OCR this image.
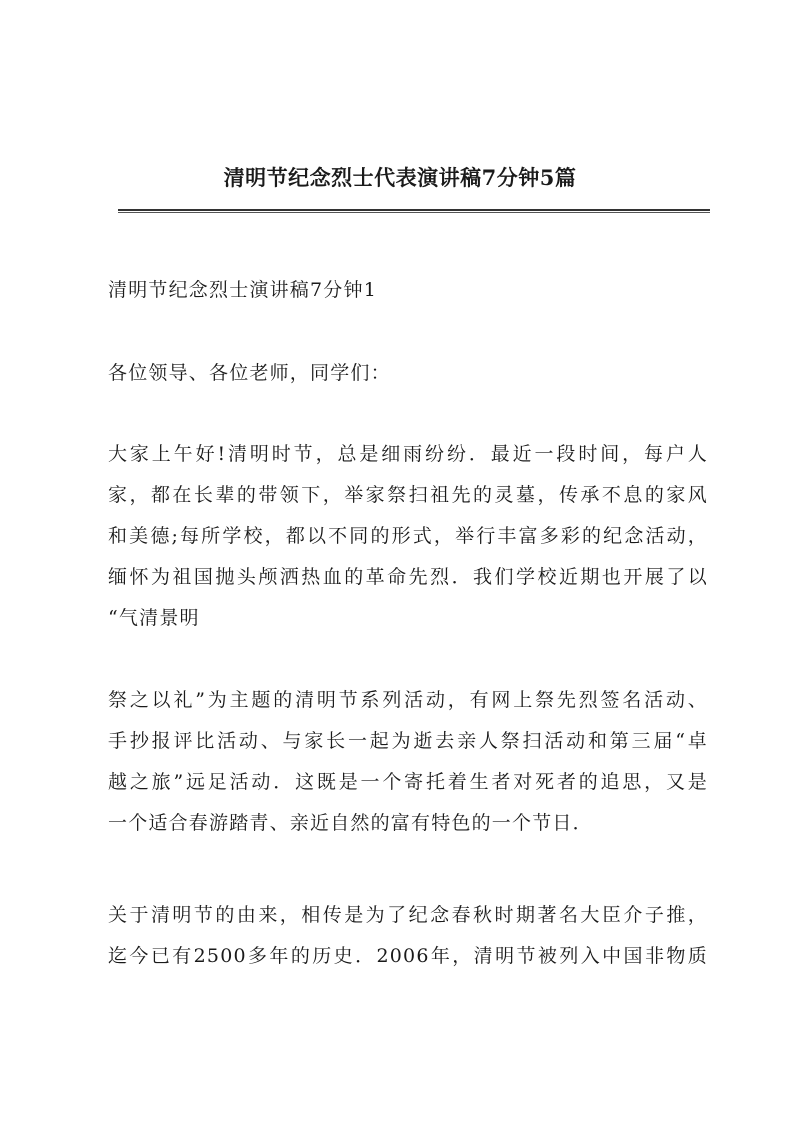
清明节纪念烈士代表演讲稿7分钟5篇

清明节纪念烈士演讲稿7分钟1

各位领导、各位老师，同学们：

大家上午好!清明时节，总是细雨纷纷．最近一段时间，每户人
家，都在长辈的带领下，举家祭扫祖先的灵墓，传承不息的家风
和美德;每所学校，都以不同的形式，举行丰富多彩的纪念活动，
缅怀为祖国抛头颅洒热血的革命先烈．我们学校近期也开展了以
“气清景明

祭之以礼”为主题的清明节系列活动，有网上祭先烈签名活动、
手抄报评比活动、与家长一起为逝去亲人祭扫活动和第三届“卓
越之旅”远足活动．这既是一个寄托着生者对死者的追思，又是
一个适合春游踏青、亲近自然的富有特色的一个节日．

关于清明节的由来，相传是为了纪念春秋时期著名大臣介子推，
迄今已有2500多年的历史．2006年，清明节被列入中国非物质
